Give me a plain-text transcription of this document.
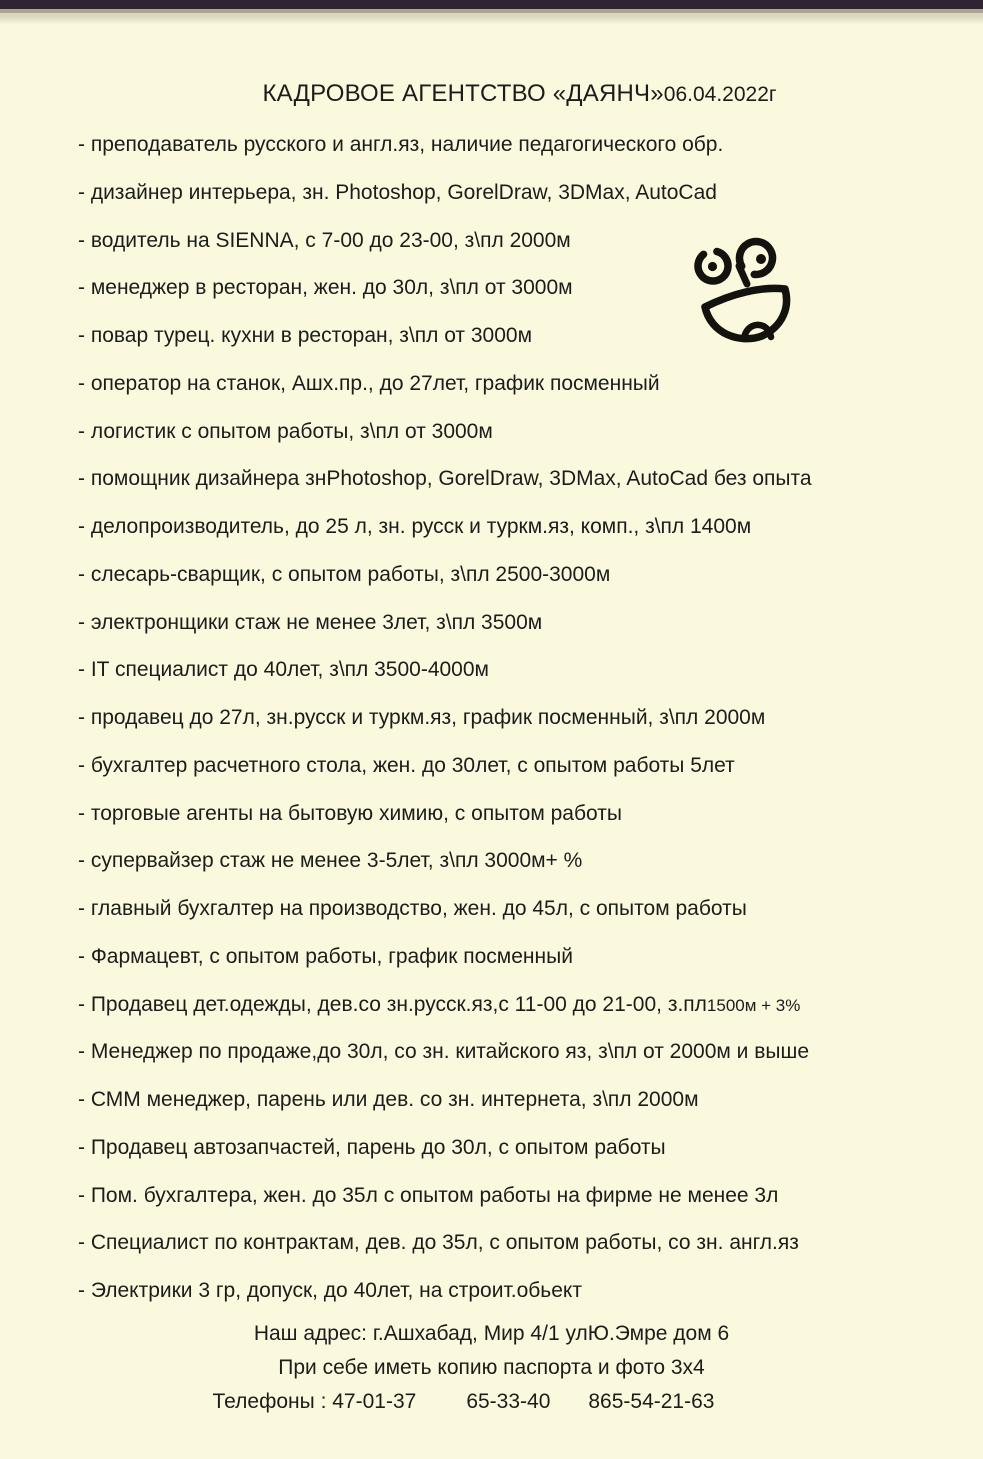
КАДРОВОЕ АГЕНТСТВО «ДАЯНЧ»06.04.2022г
- преподаватель русского и англ.яз, наличие педагогического обр.
- дизайнер интерьера, зн. Photoshop, GorelDraw, 3DMax, AutoCad
- водитель на SIENNA, с 7-00 до 23-00, з\пл 2000м
- менеджер в ресторан, жен. до 30л, з\пл от 3000м
- повар турец. кухни в ресторан, з\пл от 3000м
- оператор на станок, Ашх.пр., до 27лет, график посменный
- логистик с опытом работы, з\пл от 3000м
- помощник дизайнера знPhotoshop, GorelDraw, 3DMax, AutoCad без опыта
- делопроизводитель, до 25 л, зн. русск и туркм.яз, комп., з\пл 1400м
- слесарь-сварщик, с опытом работы, з\пл 2500-3000м
- электронщики стаж не менее 3лет, з\пл 3500м
- IT специалист до 40лет, з\пл 3500-4000м
- продавец до 27л, зн.русск и туркм.яз, график посменный, з\пл 2000м
- бухгалтер расчетного стола, жен. до 30лет, с опытом работы 5лет
- торговые агенты на бытовую химию, с опытом работы
- супервайзер стаж не менее 3-5лет, з\пл 3000м+ %
- главный бухгалтер на производство, жен. до 45л, с опытом работы
- Фармацевт, с опытом работы, график посменный
- Продавец дет.одежды, дев.со зн.русск.яз,с 11-00 до 21-00, з.пл1500м + 3%
- Менеджер по продаже,до 30л, со зн. китайского яз, з\пл от 2000м и выше
- СММ менеджер, парень или дев. со зн. интернета, з\пл 2000м
- Продавец автозапчастей, парень до 30л, с опытом работы
- Пом. бухгалтера, жен. до 35л с опытом работы на фирме не менее 3л
- Специалист по контрактам, дев. до 35л, с опытом работы, со зн. англ.яз
- Электрики 3 гр, допуск, до 40лет, на строит.обьект
Наш адрес: г.Ашхабад, Мир 4/1 улЮ.Эмре дом 6
При себе иметь копию паспорта и фото 3х4
Телефоны : 47-01-37 65-33-40 865-54-21-63
